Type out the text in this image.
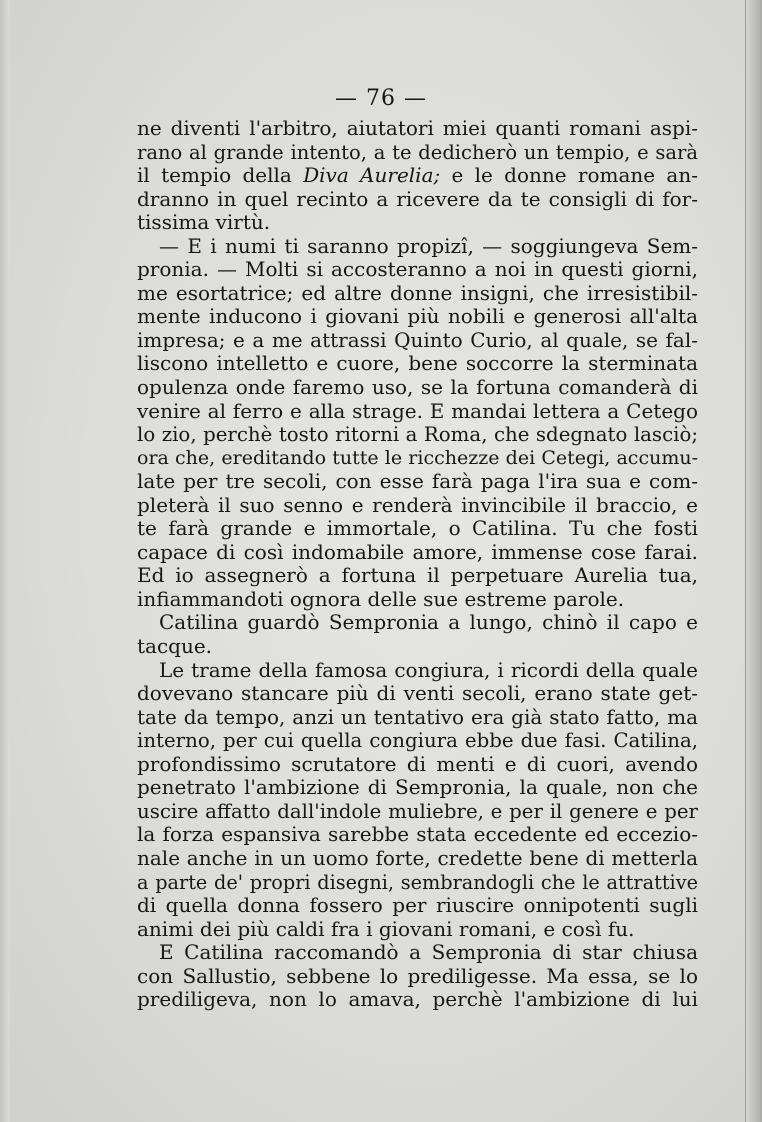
— 76 —
ne diventi l'arbitro, aiutatori miei quanti romani aspi-
rano al grande intento, a te dedicherò un tempio, e sarà
il tempio della Diva Aurelia; e le donne romane an-
dranno in quel recinto a ricevere da te consigli di for-
tissima virtù.
— E i numi ti saranno propizî, — soggiungeva Sem-
pronia. — Molti si accosteranno a noi in questi giorni,
me esortatrice; ed altre donne insigni, che irresistibil-
mente inducono i giovani più nobili e generosi all'alta
impresa; e a me attrassi Quinto Curio, al quale, se fal-
liscono intelletto e cuore, bene soccorre la sterminata
opulenza onde faremo uso, se la fortuna comanderà di
venire al ferro e alla strage. E mandai lettera a Cetego
lo zio, perchè tosto ritorni a Roma, che sdegnato lasciò;
ora che, ereditando tutte le ricchezze dei Cetegi, accumu-
late per tre secoli, con esse farà paga l'ira sua e com-
pleterà il suo senno e renderà invincibile il braccio, e
te farà grande e immortale, o Catilina. Tu che fosti
capace di così indomabile amore, immense cose farai.
Ed io assegnerò a fortuna il perpetuare Aurelia tua,
infiammandoti ognora delle sue estreme parole.
Catilina guardò Sempronia a lungo, chinò il capo e
tacque.
Le trame della famosa congiura, i ricordi della quale
dovevano stancare più di venti secoli, erano state get-
tate da tempo, anzi un tentativo era già stato fatto, ma
interno, per cui quella congiura ebbe due fasi. Catilina,
profondissimo scrutatore di menti e di cuori, avendo
penetrato l'ambizione di Sempronia, la quale, non che
uscire affatto dall'indole muliebre, e per il genere e per
la forza espansiva sarebbe stata eccedente ed eccezio-
nale anche in un uomo forte, credette bene di metterla
a parte de' propri disegni, sembrandogli che le attrattive
di quella donna fossero per riuscire onnipotenti sugli
animi dei più caldi fra i giovani romani, e così fu.
E Catilina raccomandò a Sempronia di star chiusa
con Sallustio, sebbene lo prediligesse. Ma essa, se lo
prediligeva, non lo amava, perchè l'ambizione di lui
